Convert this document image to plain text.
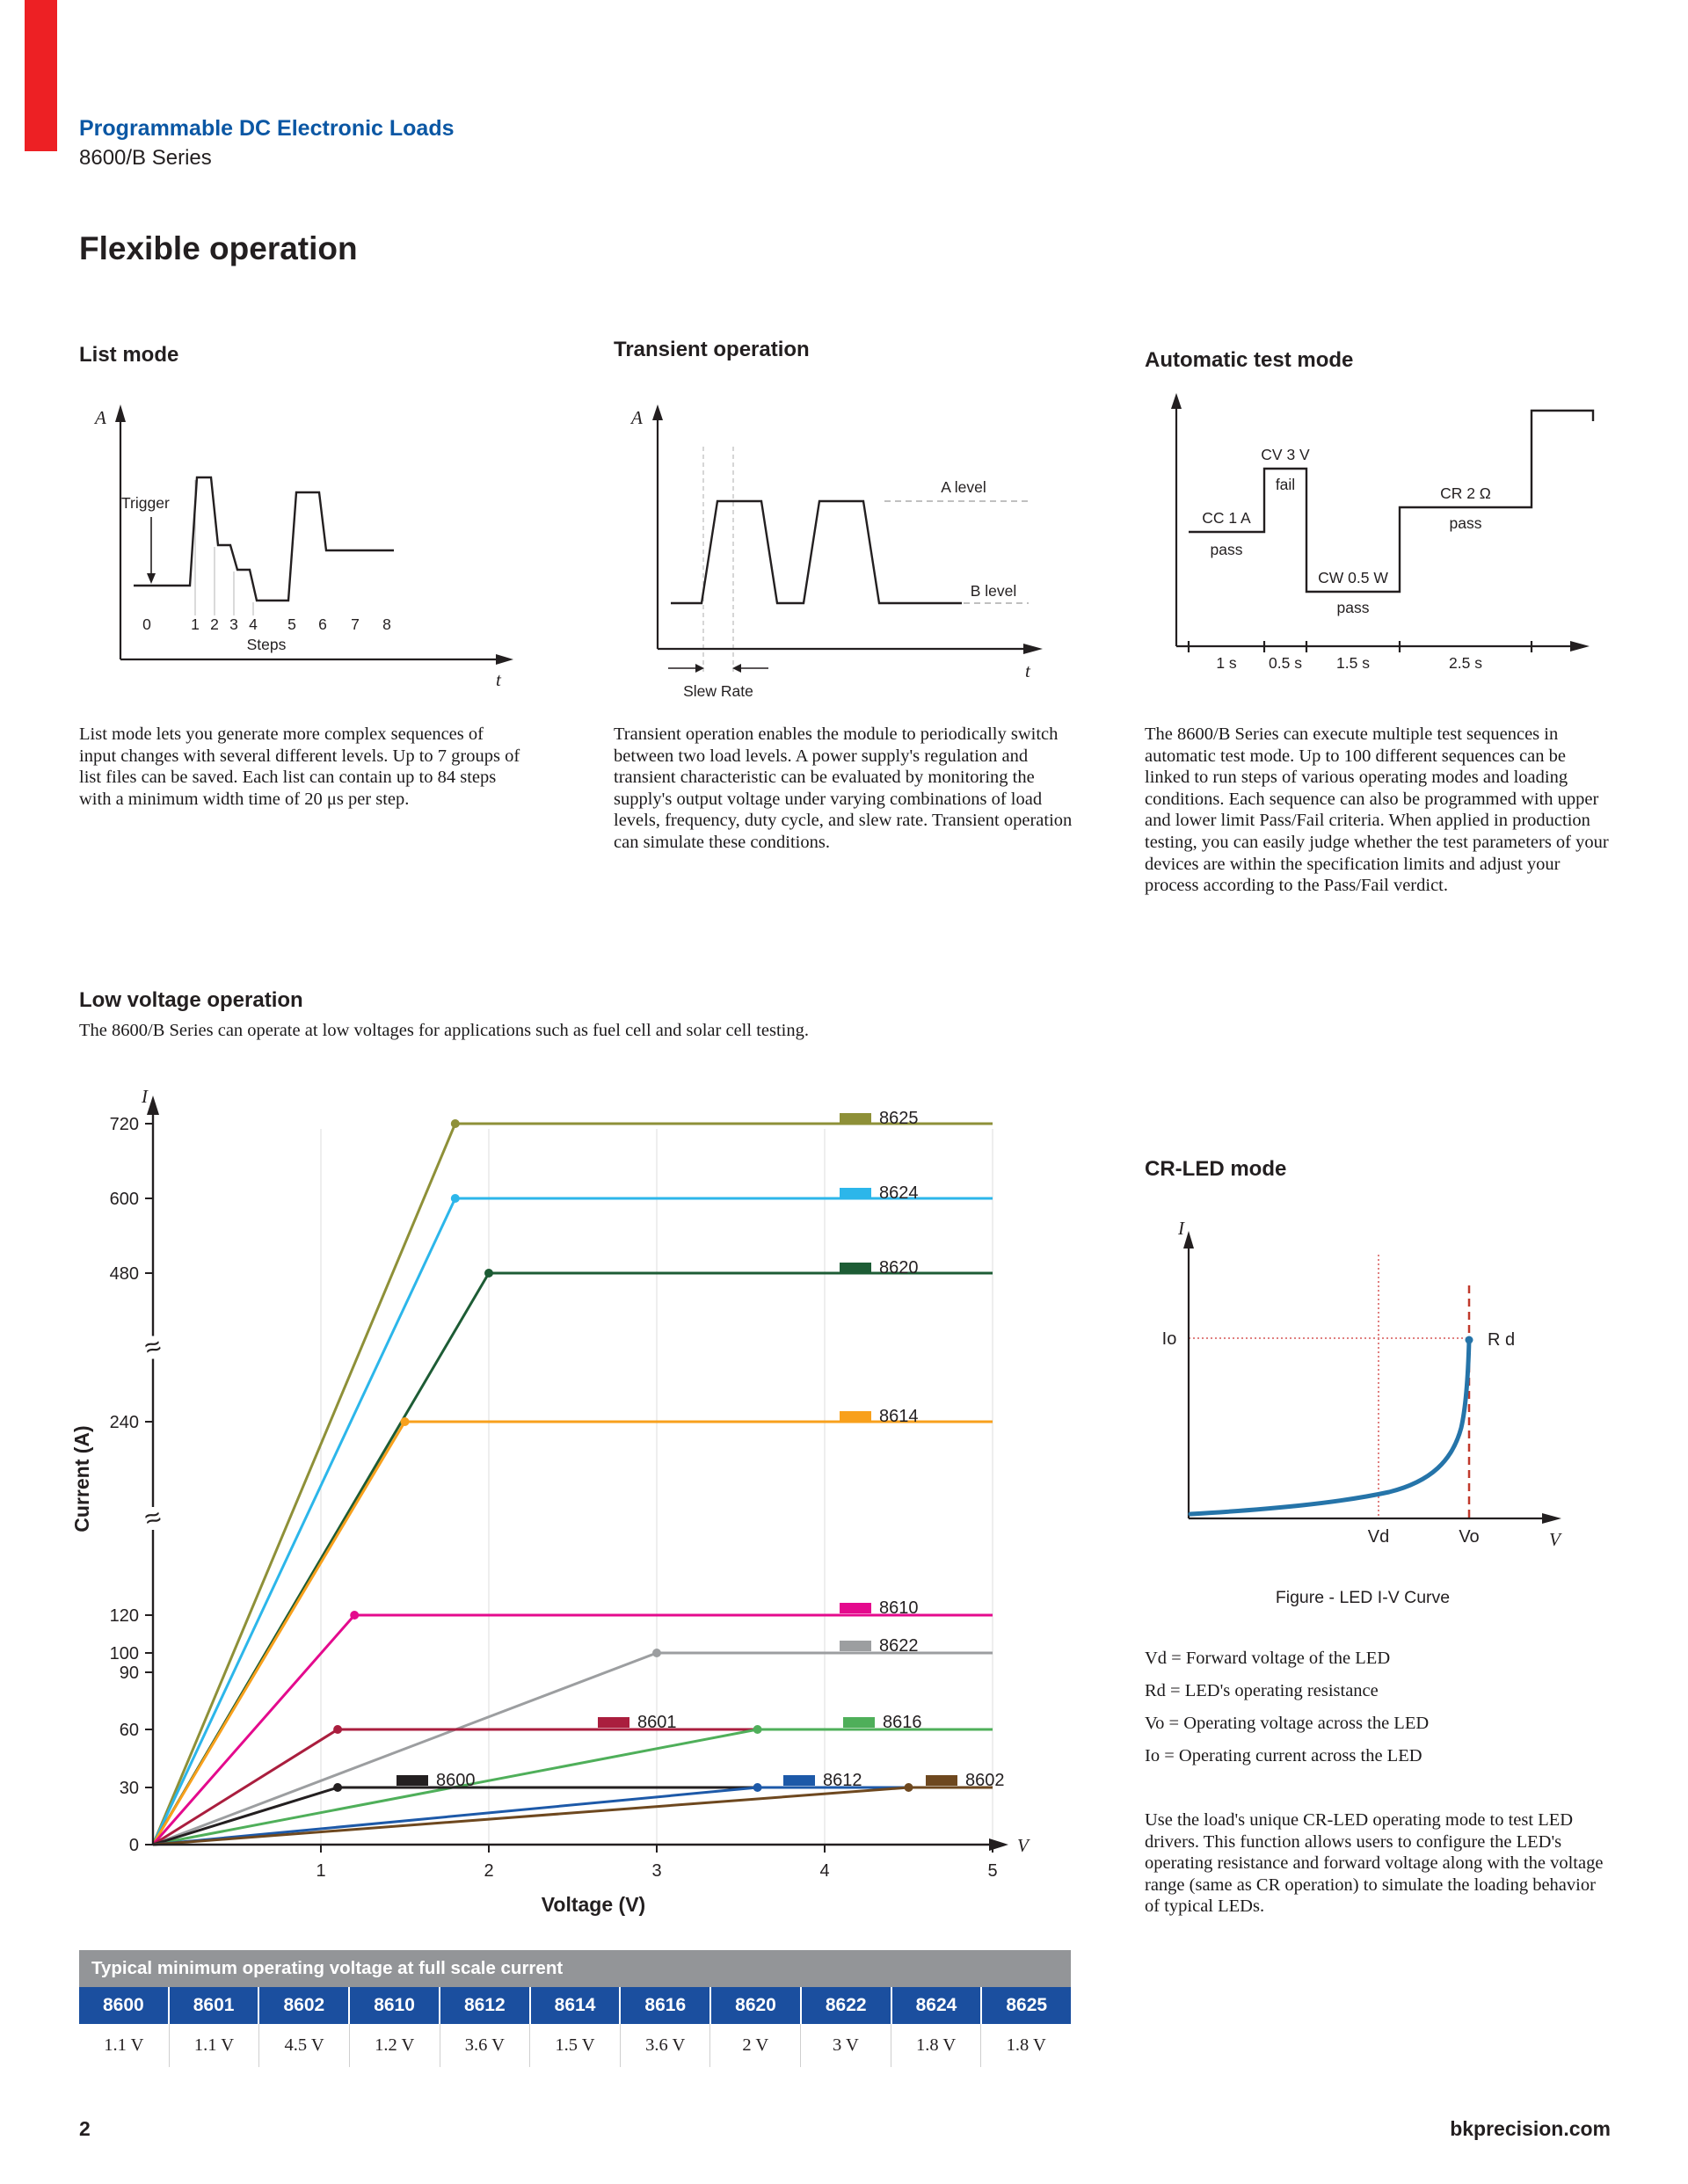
Programmable DC Electronic Loads
8600/B Series
Flexible operation
List mode	Transient operation	Automatic test mode
A
t
Trigger
0	1 2 3 4 5 6 7 8
Steps
A
t
A level
B level
Slew Rate
CC 1 A
pass
CV 3 V
fail
CW 0.5 W
pass
CR 2 Ω
pass
1 s 0.5 s 1.5 s	2.5 s
List mode lets you generate more complex sequences of input changes with several different levels. Up to 7 groups of list files can be saved. Each list can contain up to 84 steps with a minimum width time of 20 μs per step.
Transient operation enables the module to periodically switch between two load levels. A power supply's regulation and transient characteristic can be evaluated by monitoring the supply's output voltage under varying combinations of load levels, frequency, duty cycle, and slew rate. Transient operation can simulate these conditions.
The 8600/B Series can execute multiple test sequences in automatic test mode. Up to 100 different sequences can be linked to run steps of various operating modes and loading conditions. Each sequence can also be programmed with upper and lower limit Pass/Fail criteria. When applied in production testing, you can easily judge whether the test parameters of your devices are within the specification limits and adjust your process according to the Pass/Fail verdict.
Low voltage operation
The 8600/B Series can operate at low voltages for applications such as fuel cell and solar cell testing.
0
30
60
90
100
120
240
480
600
720
1	2	3	4	5
≈
≈
8625
8624
8620
8614
8610
8622
8601	8616
8600	8612	8602
Voltage (V)
Current (A)
I
V
CR-LED mode
I
V
Io	R d
Vd	Vo
Figure - LED I-V Curve
Vd = Forward voltage of the LED
Rd = LED's operating resistance
Vo = Operating voltage across the LED
Io = Operating current across the LED
Use the load's unique CR-LED operating mode to test LED drivers. This function allows users to configure the LED's operating resistance and forward voltage along with the voltage range (same as CR operation) to simulate the loading behavior of typical LEDs.
Typical minimum operating voltage at full scale current
8600	8601	8602	8610	8612	8614	8616	8620	8622	8624	8625
1.1 V	1.1 V	4.5 V	1.2 V	3.6 V	1.5 V	3.6 V	2 V	3 V	1.8 V	1.8 V
2	bkprecision.com
